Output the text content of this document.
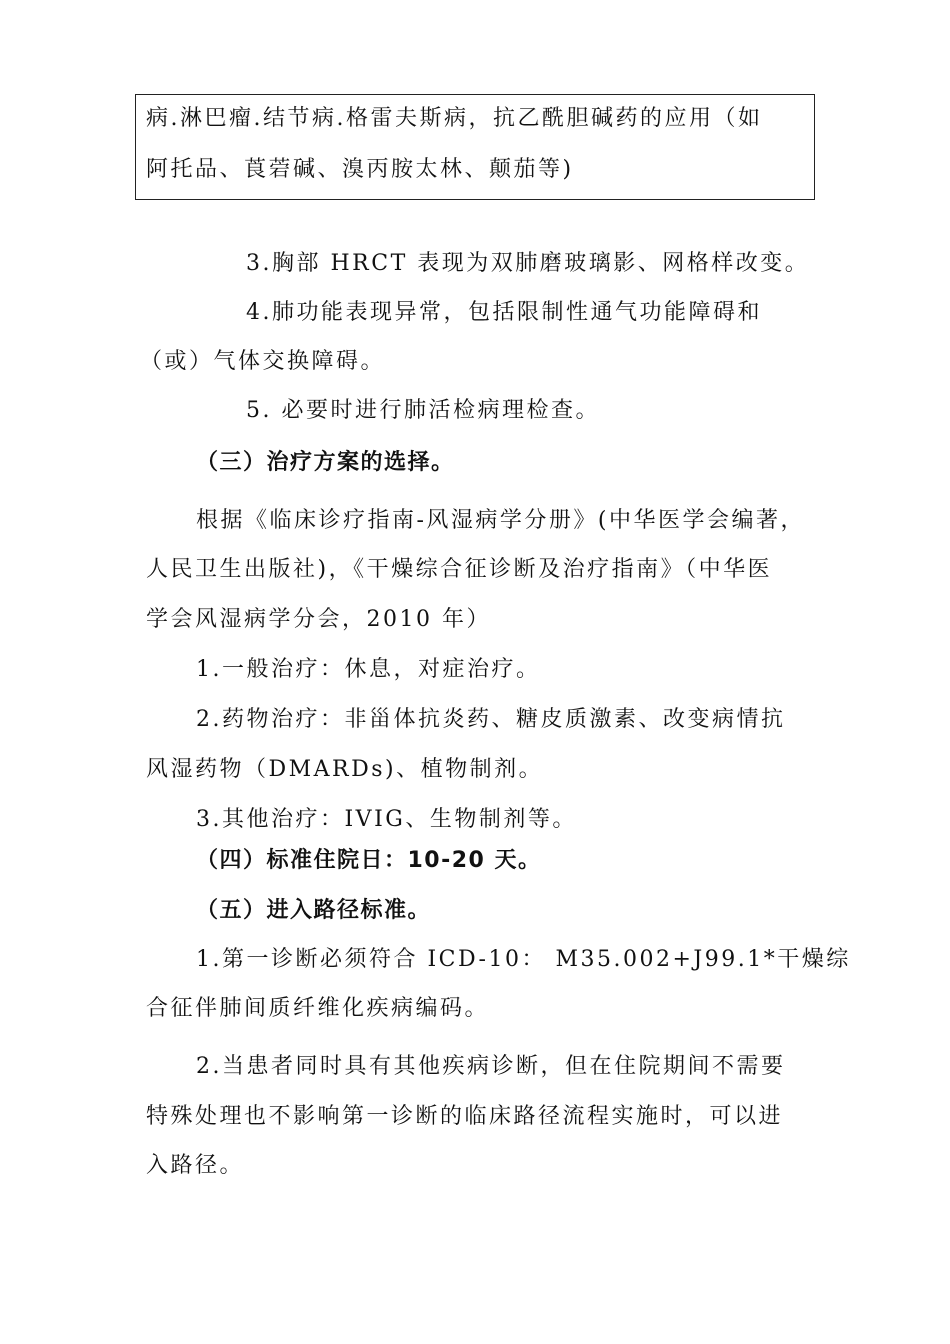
病.淋巴瘤.结节病.格雷夫斯病，抗乙酰胆碱药的应用（如
阿托品、莨菪碱、溴丙胺太林、颠茄等)
3.胸部 HRCT 表现为双肺磨玻璃影、网格样改变。
4.肺功能表现异常，包括限制性通气功能障碍和
（或）气体交换障碍。
5. 必要时进行肺活检病理检查。
（三）治疗方案的选择。
根据《临床诊疗指南-风湿病学分册》(中华医学会编著，
人民卫生出版社)，《干燥综合征诊断及治疗指南》（中华医
学会风湿病学分会，2010 年）
1.一般治疗：休息，对症治疗。
2.药物治疗：非甾体抗炎药、糖皮质激素、改变病情抗
风湿药物（DMARDs)、植物制剂。
3.其他治疗：IVIG、生物制剂等。
（四）标准住院日：10-20 天。
（五）进入路径标准。
1.第一诊断必须符合 ICD-10： M35.002+J99.1*干燥综
合征伴肺间质纤维化疾病编码。
2.当患者同时具有其他疾病诊断，但在住院期间不需要
特殊处理也不影响第一诊断的临床路径流程实施时，可以进
入路径。
